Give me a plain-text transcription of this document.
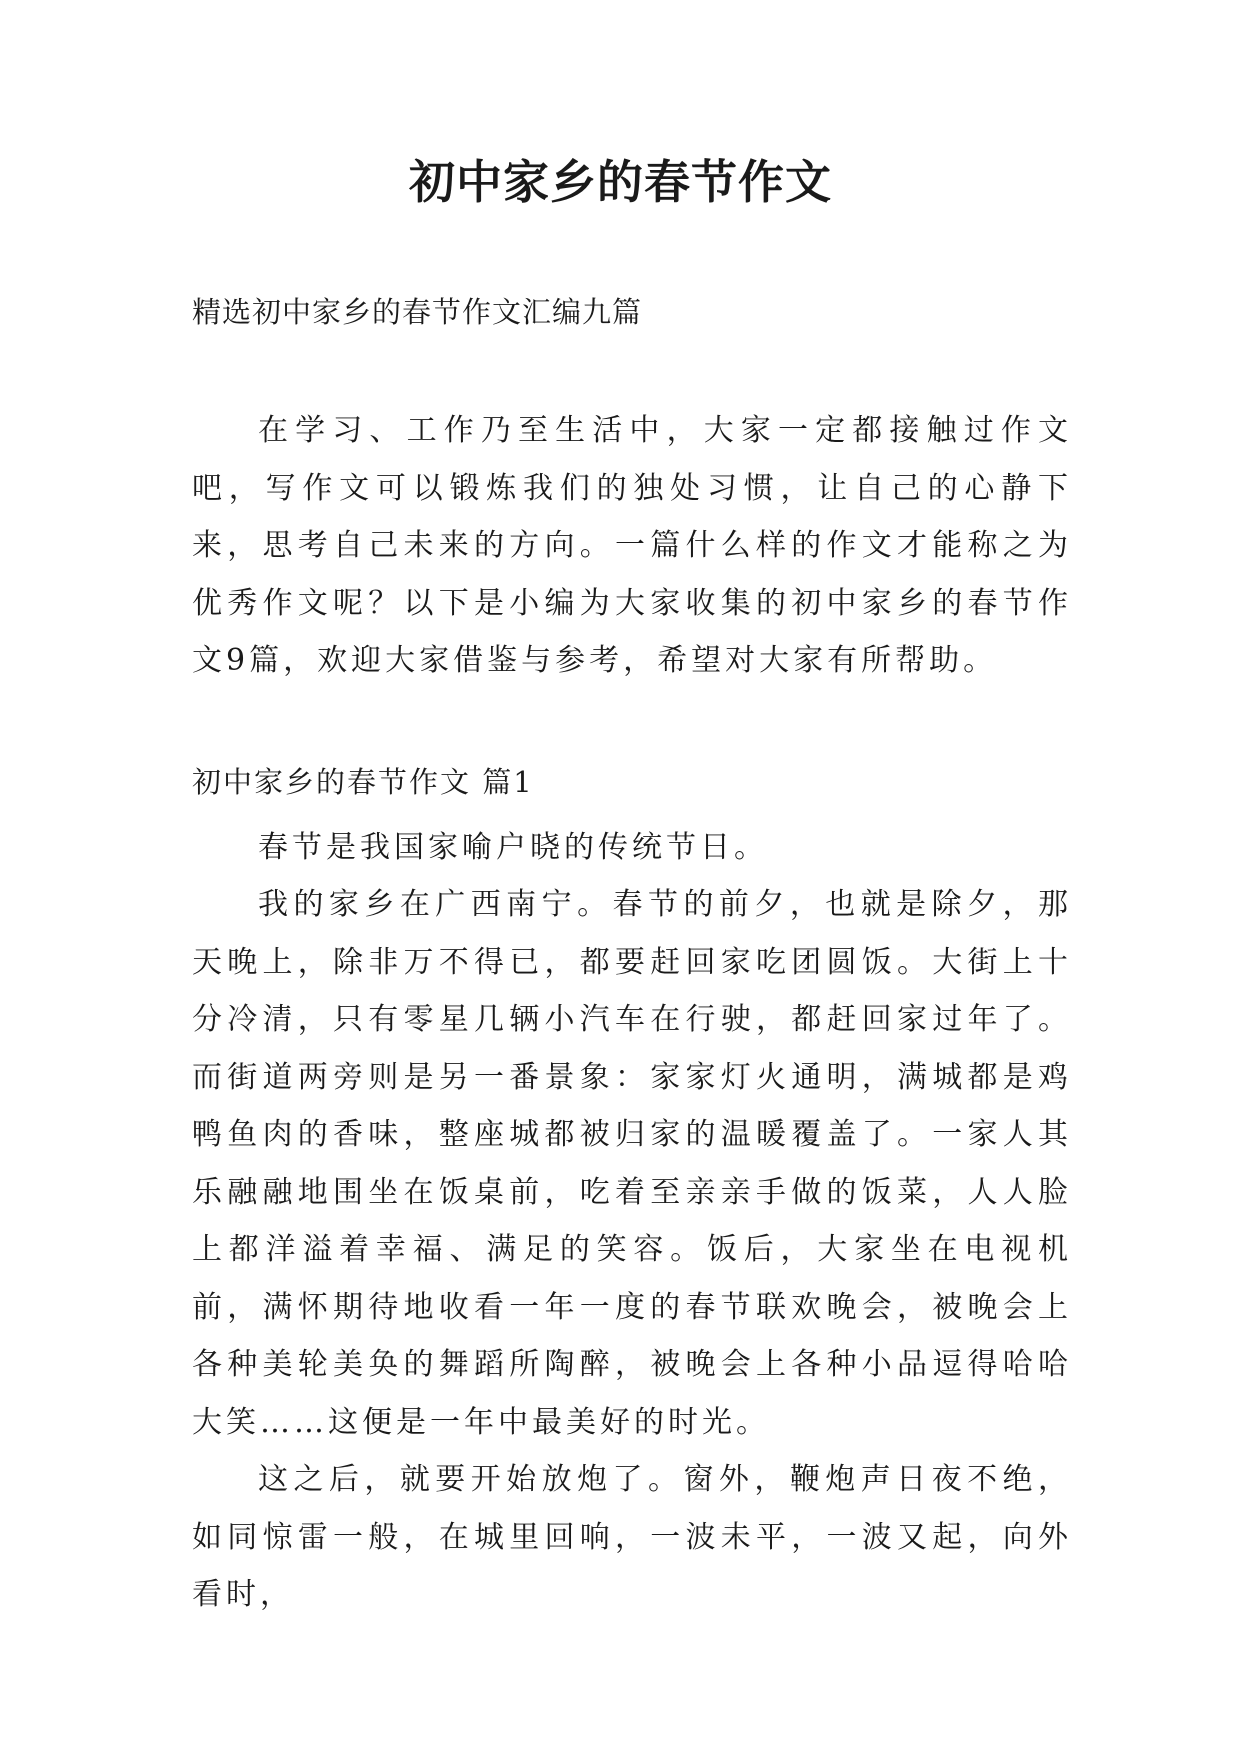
初中家乡的春节作文

精选初中家乡的春节作文汇编九篇

在学习、工作乃至生活中，大家一定都接触过作文吧，写作文可以锻炼我们的独处习惯，让自己的心静下来，思考自己未来的方向。一篇什么样的作文才能称之为优秀作文呢？以下是小编为大家收集的初中家乡的春节作文9篇，欢迎大家借鉴与参考，希望对大家有所帮助。

初中家乡的春节作文 篇1

春节是我国家喻户晓的传统节日。

我的家乡在广西南宁。春节的前夕，也就是除夕，那天晚上，除非万不得已，都要赶回家吃团圆饭。大街上十分冷清，只有零星几辆小汽车在行驶，都赶回家过年了。而街道两旁则是另一番景象：家家灯火通明，满城都是鸡鸭鱼肉的香味，整座城都被归家的温暖覆盖了。一家人其乐融融地围坐在饭桌前，吃着至亲亲手做的饭菜，人人脸上都洋溢着幸福、满足的笑容。饭后，大家坐在电视机前，满怀期待地收看一年一度的春节联欢晚会，被晚会上各种美轮美奂的舞蹈所陶醉，被晚会上各种小品逗得哈哈大笑……这便是一年中最美好的时光。

这之后，就要开始放炮了。窗外，鞭炮声日夜不绝，如同惊雷一般，在城里回响，一波未平，一波又起，向外看时，
